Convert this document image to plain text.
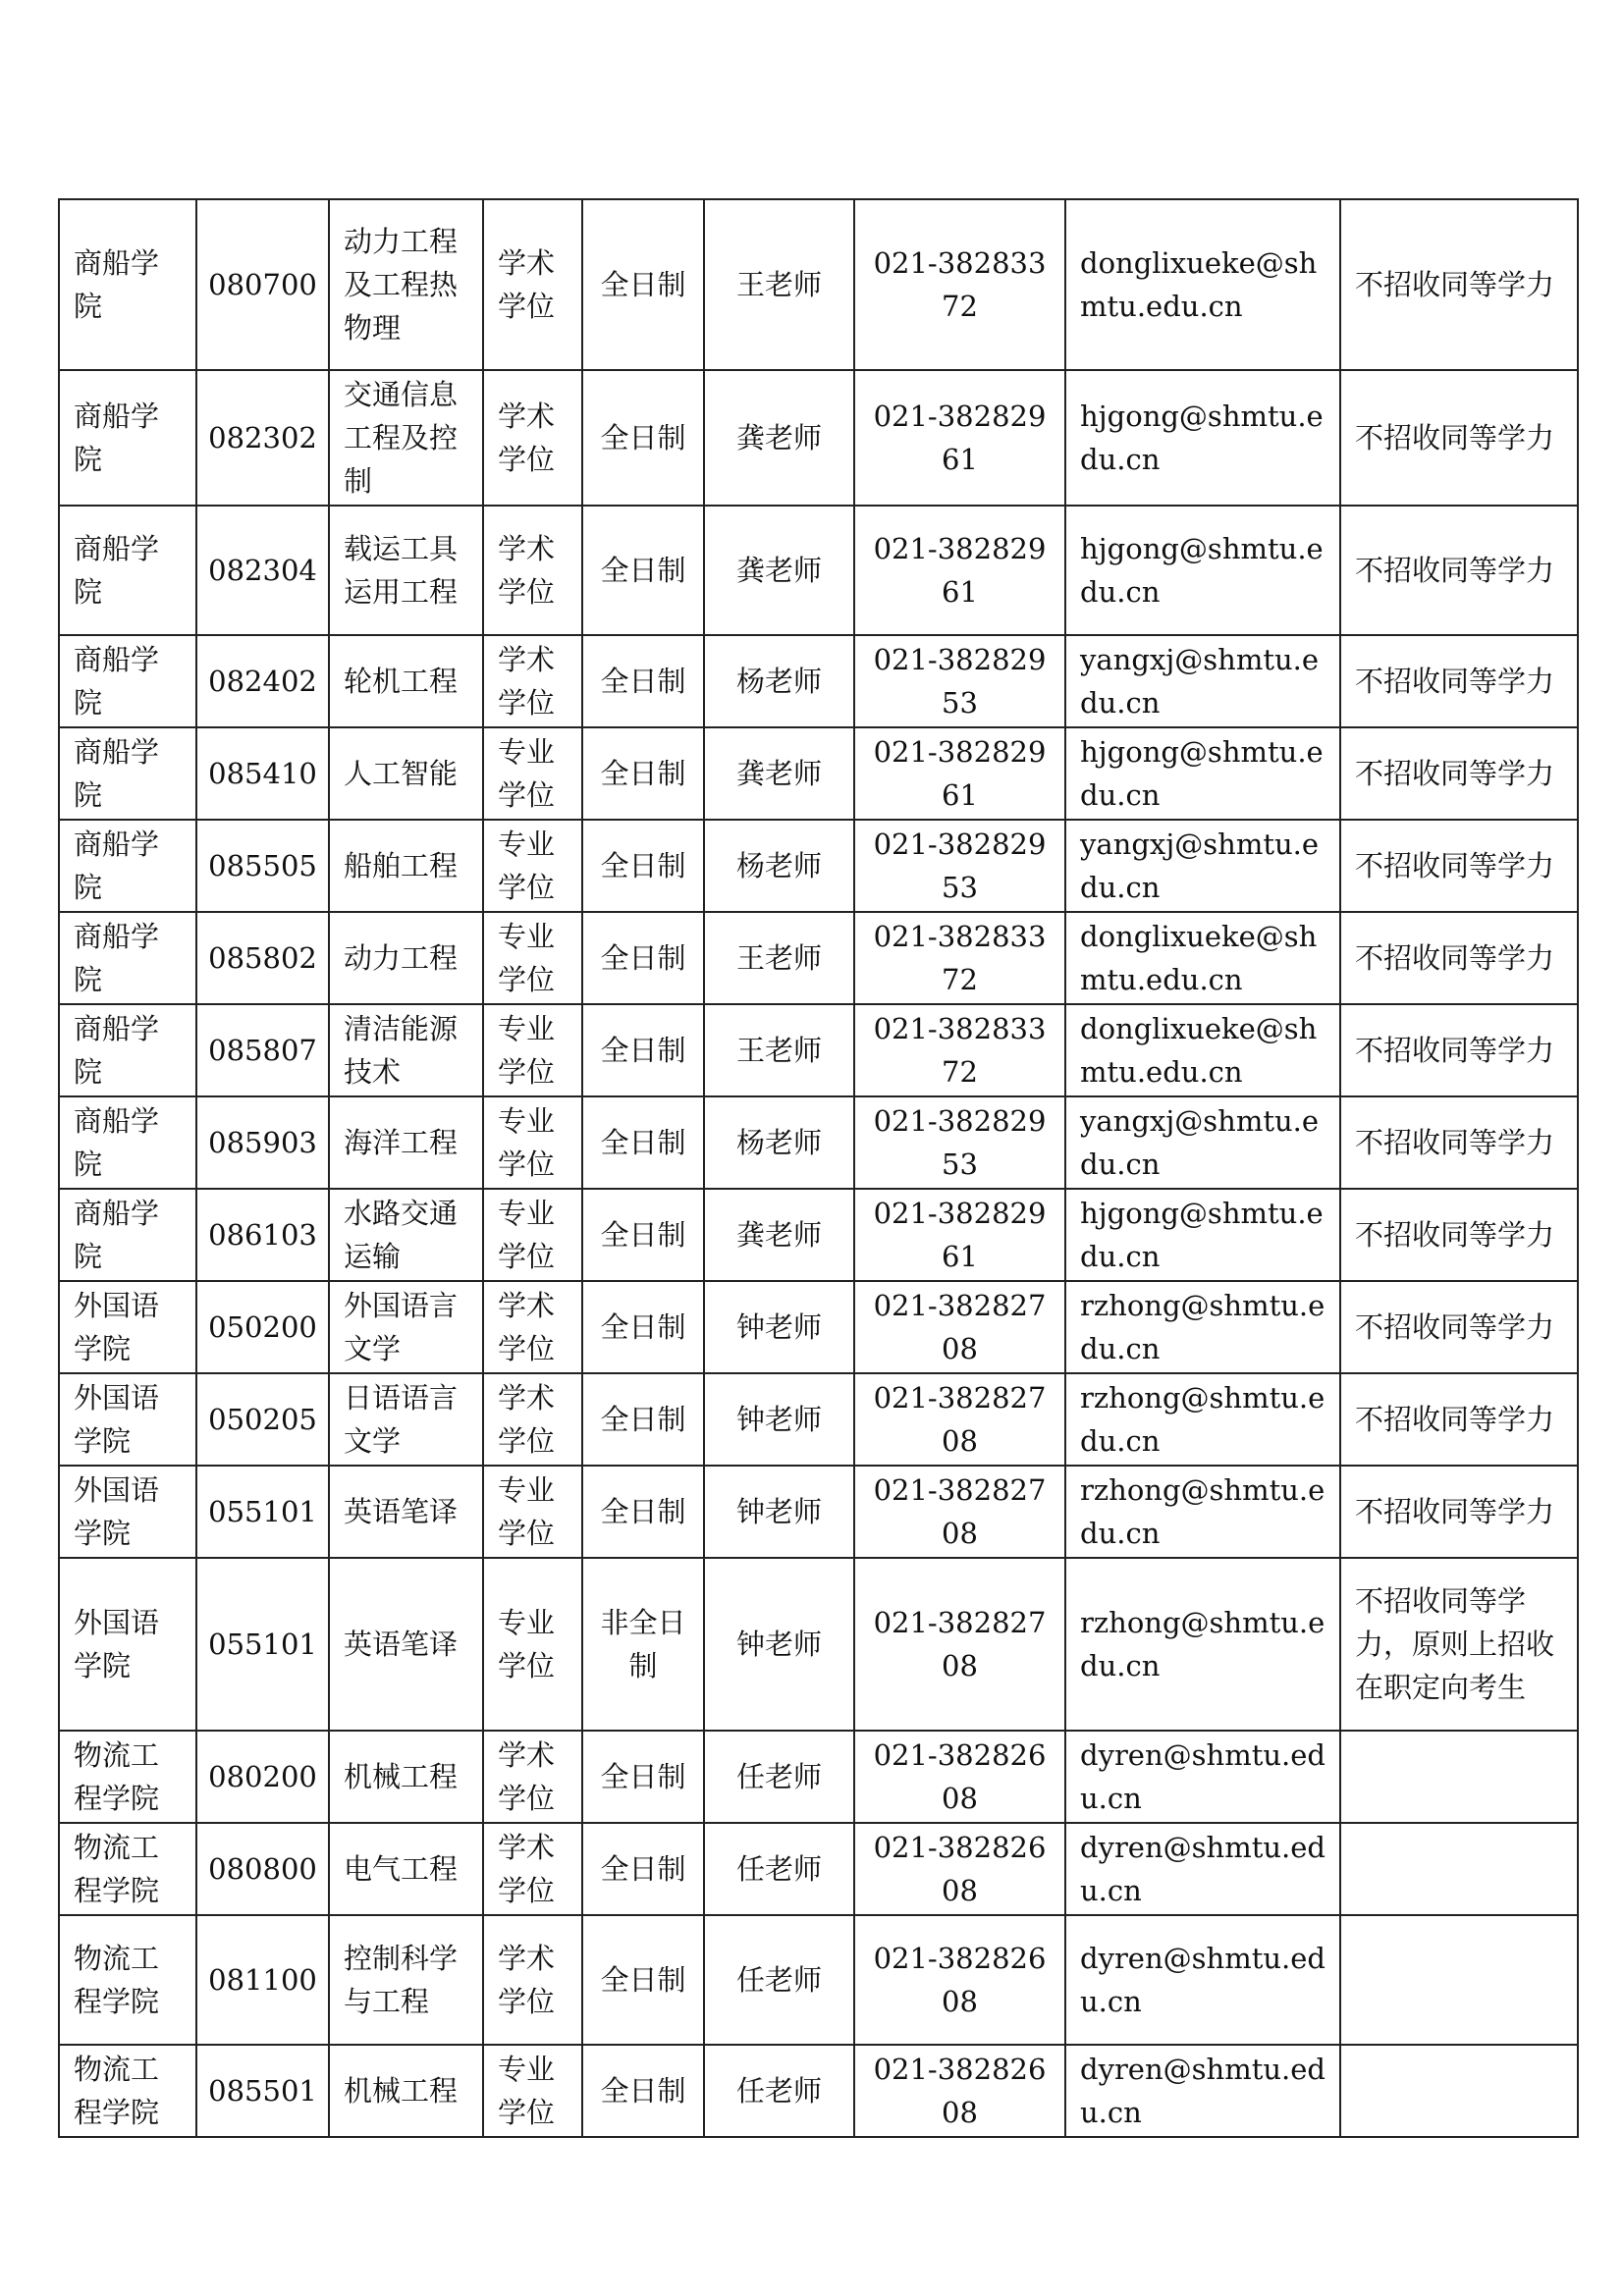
商船学院	080700	动力工程及工程热物理	学术学位	全日制	王老师	021-38283372	donglixueke@shmtu.edu.cn	不招收同等学力
商船学院	082302	交通信息工程及控制	学术学位	全日制	龚老师	021-38282961	hjgong@shmtu.edu.cn	不招收同等学力
商船学院	082304	载运工具运用工程	学术学位	全日制	龚老师	021-38282961	hjgong@shmtu.edu.cn	不招收同等学力
商船学院	082402	轮机工程	学术学位	全日制	杨老师	021-38282953	yangxj@shmtu.edu.cn	不招收同等学力
商船学院	085410	人工智能	专业学位	全日制	龚老师	021-38282961	hjgong@shmtu.edu.cn	不招收同等学力
商船学院	085505	船舶工程	专业学位	全日制	杨老师	021-38282953	yangxj@shmtu.edu.cn	不招收同等学力
商船学院	085802	动力工程	专业学位	全日制	王老师	021-38283372	donglixueke@shmtu.edu.cn	不招收同等学力
商船学院	085807	清洁能源技术	专业学位	全日制	王老师	021-38283372	donglixueke@shmtu.edu.cn	不招收同等学力
商船学院	085903	海洋工程	专业学位	全日制	杨老师	021-38282953	yangxj@shmtu.edu.cn	不招收同等学力
商船学院	086103	水路交通运输	专业学位	全日制	龚老师	021-38282961	hjgong@shmtu.edu.cn	不招收同等学力
外国语学院	050200	外国语言文学	学术学位	全日制	钟老师	021-38282708	rzhong@shmtu.edu.cn	不招收同等学力
外国语学院	050205	日语语言文学	学术学位	全日制	钟老师	021-38282708	rzhong@shmtu.edu.cn	不招收同等学力
外国语学院	055101	英语笔译	专业学位	全日制	钟老师	021-38282708	rzhong@shmtu.edu.cn	不招收同等学力
外国语学院	055101	英语笔译	专业学位	非全日制	钟老师	021-38282708	rzhong@shmtu.edu.cn	不招收同等学力，原则上招收在职定向考生
物流工程学院	080200	机械工程	学术学位	全日制	任老师	021-38282608	dyren@shmtu.edu.cn	
物流工程学院	080800	电气工程	学术学位	全日制	任老师	021-38282608	dyren@shmtu.edu.cn	
物流工程学院	081100	控制科学与工程	学术学位	全日制	任老师	021-38282608	dyren@shmtu.edu.cn	
物流工程学院	085501	机械工程	专业学位	全日制	任老师	021-38282608	dyren@shmtu.edu.cn	
